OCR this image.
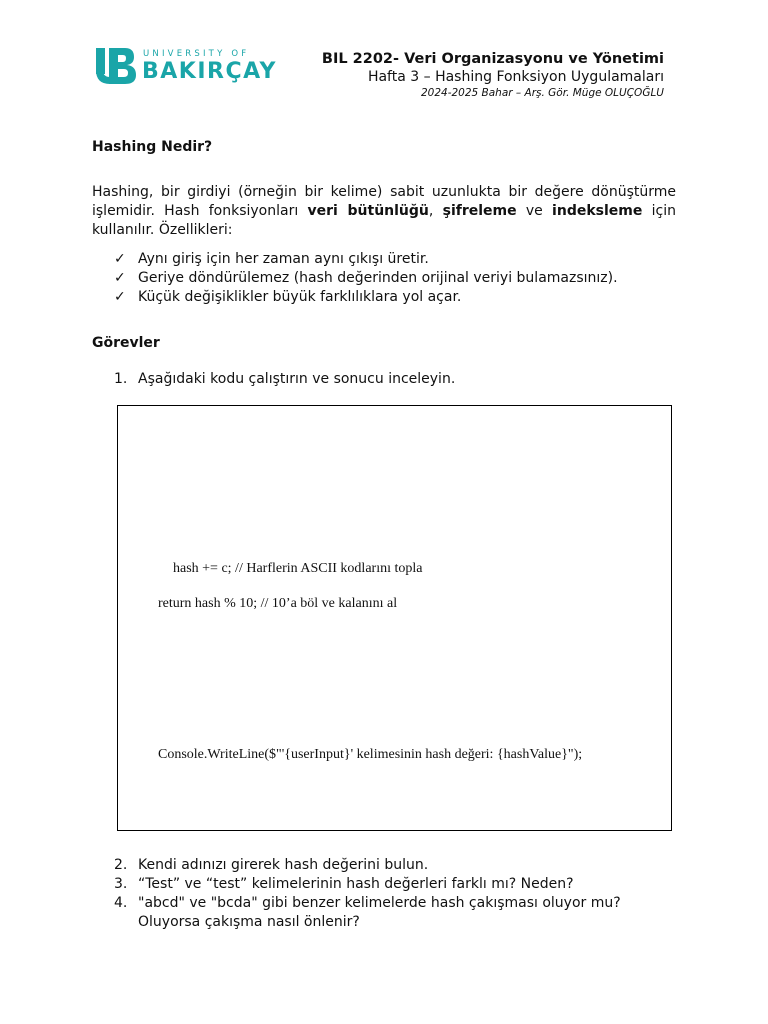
UNIVERSITY OF
BAKIRÇAY	BIL 2202- Veri Organizasyonu ve Yönetimi
Hafta 3 – Hashing Fonksiyon Uygulamaları
2024-2025 Bahar – Arş. Gör. Müge OLUÇOĞLU
Hashing Nedir?
Hashing, bir girdiyi (örneğin bir kelime) sabit uzunlukta bir değere dönüştürme işlemidir. Hash fonksiyonları veri bütünlüğü, şifreleme ve indeksleme için kullanılır. Özellikleri:
✓ Aynı giriş için her zaman aynı çıkışı üretir.
✓ Geriye döndürülemez (hash değerinden orijinal veriyi bulamazsınız).
✓ Küçük değişiklikler büyük farklılıklara yol açar.
Görevler
1. Aşağıdaki kodu çalıştırın ve sonucu inceleyin.
hash += c; // Harflerin ASCII kodlarını topla
return hash % 10; // 10’a böl ve kalanını al
Console.WriteLine($"'{userInput}' kelimesinin hash değeri: {hashValue}");
2. Kendi adınızı girerek hash değerini bulun.
3. “Test” ve “test” kelimelerinin hash değerleri farklı mı? Neden?
4. "abcd" ve "bcda" gibi benzer kelimelerde hash çakışması oluyor mu? Oluyorsa çakışma nasıl önlenir?
